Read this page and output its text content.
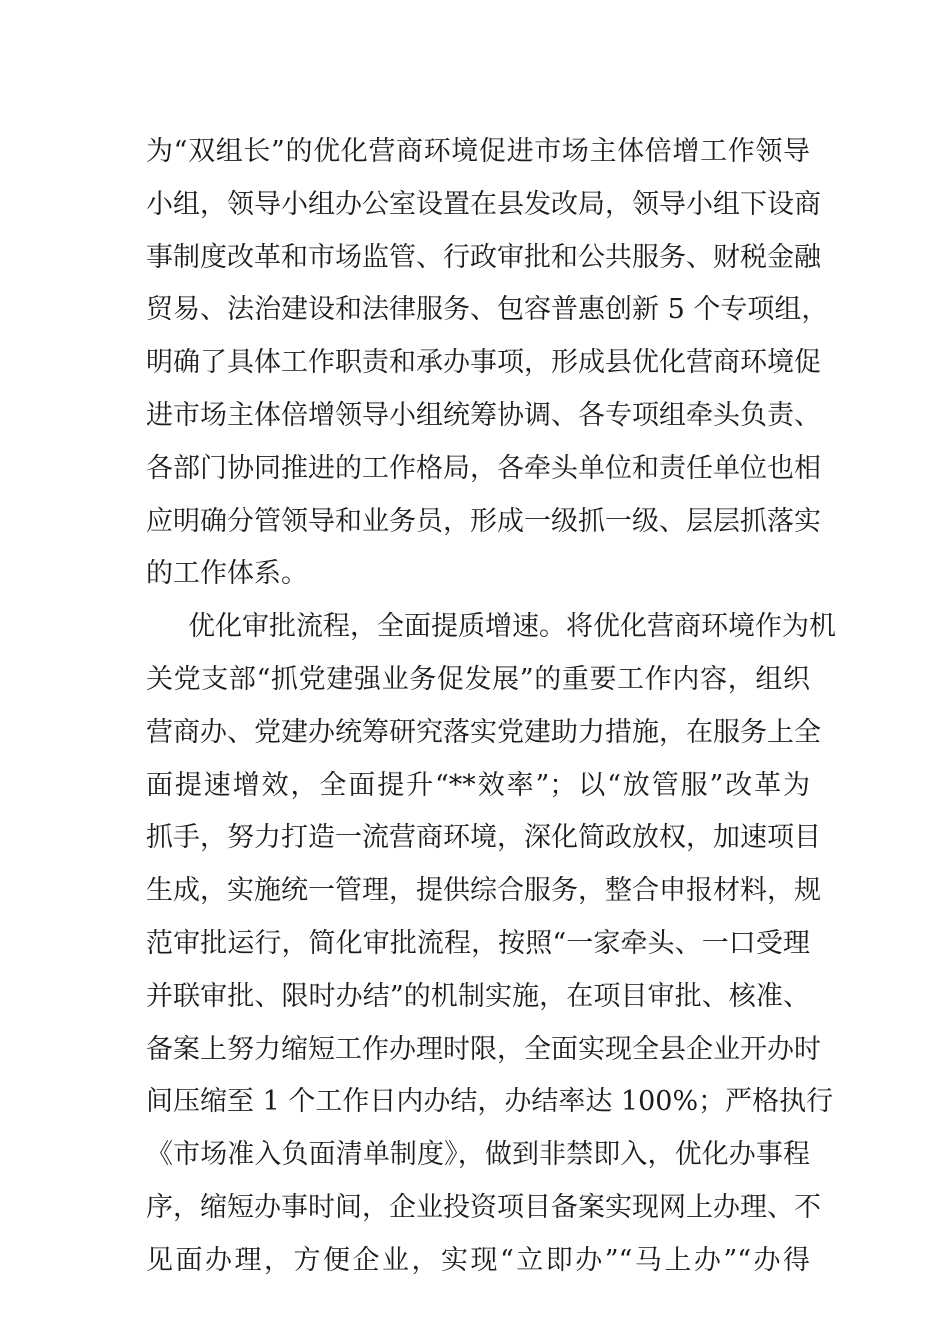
为“双组长”的优化营商环境促进市场主体倍增工作领导
小组，领导小组办公室设置在县发改局，领导小组下设商
事制度改革和市场监管、行政审批和公共服务、财税金融
贸易、法治建设和法律服务、包容普惠创新 5 个专项组，
明确了具体工作职责和承办事项，形成县优化营商环境促
进市场主体倍增领导小组统筹协调、各专项组牵头负责、
各部门协同推进的工作格局，各牵头单位和责任单位也相
应明确分管领导和业务员，形成一级抓一级、层层抓落实
的工作体系。
优化审批流程，全面提质增速。将优化营商环境作为机
关党支部“抓党建强业务促发展”的重要工作内容，组织
营商办、党建办统筹研究落实党建助力措施，在服务上全
面提速增效，全面提升“**效率”；以“放管服”改革为
抓手，努力打造一流营商环境，深化简政放权，加速项目
生成，实施统一管理，提供综合服务，整合申报材料，规
范审批运行，简化审批流程，按照“一家牵头、一口受理
并联审批、限时办结”的机制实施，在项目审批、核准、
备案上努力缩短工作办理时限，全面实现全县企业开办时
间压缩至 1 个工作日内办结，办结率达 100%；严格执行
《市场准入负面清单制度》，做到非禁即入，优化办事程
序，缩短办事时间，企业投资项目备案实现网上办理、不
见面办理，方便企业，实现“立即办”“马上办”“办得
